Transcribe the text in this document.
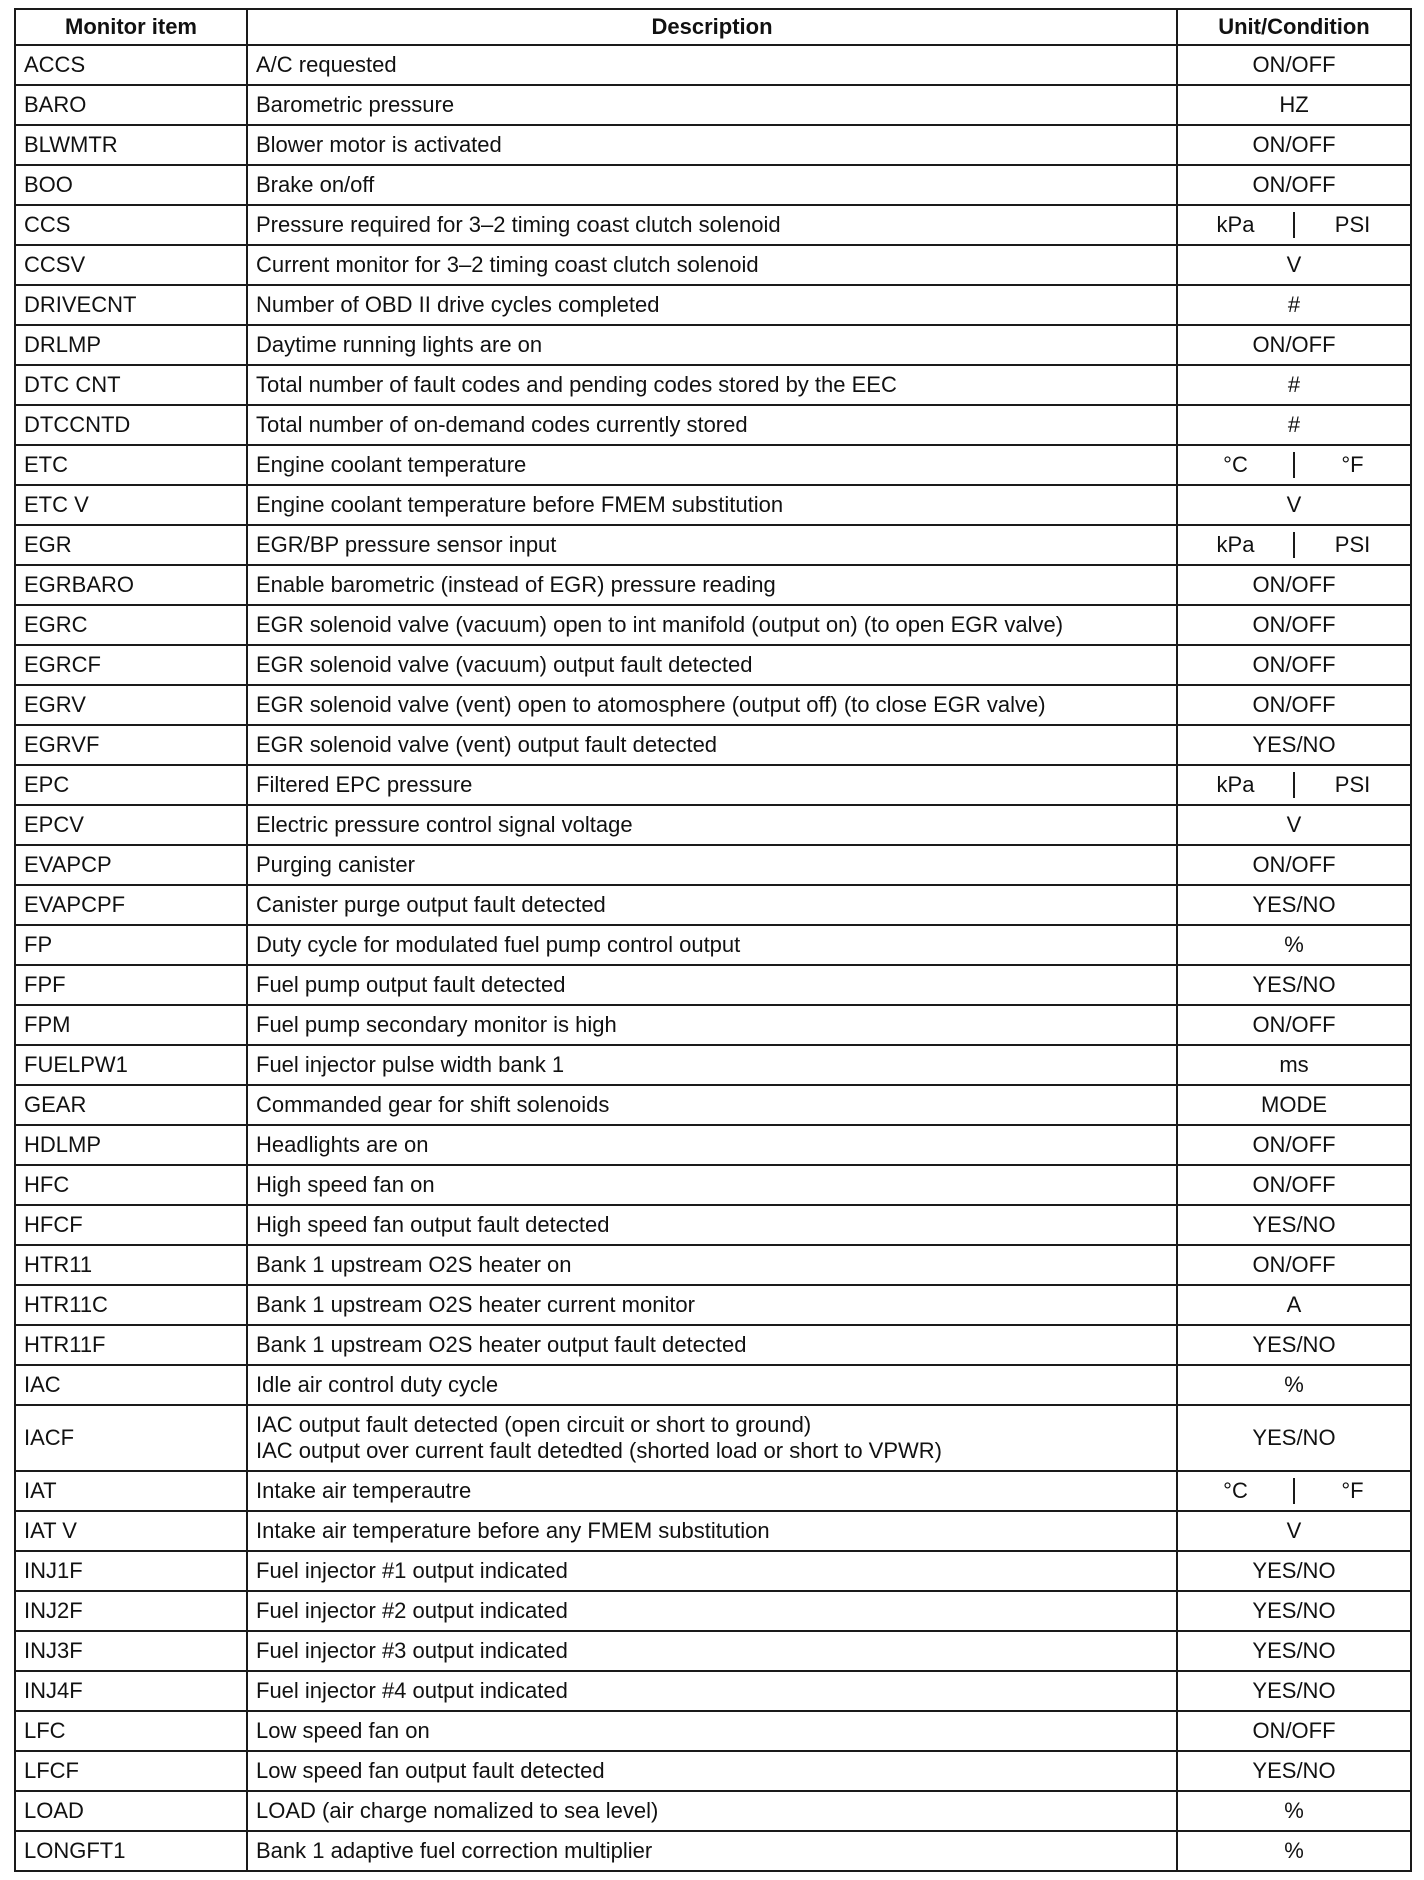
Monitor item	Description	Unit/Condition
ACCS	A/C requested	ON/OFF

BARO	Barometric pressure	HZ

BLWMTR	Blower motor is activated	ON/OFF

BOO	Brake on/off	ON/OFF

CCS	Pressure required for 3–2 timing coast clutch solenoid	kPa PSI

CCSV	Current monitor for 3–2 timing coast clutch solenoid	V

DRIVECNT	Number of OBD II drive cycles completed	#

DRLMP	Daytime running lights are on	ON/OFF

DTC CNT	Total number of fault codes and pending codes stored by the EEC	#

DTCCNTD	Total number of on-demand codes currently stored	#

ETC	Engine coolant temperature	°C °F

ETC V	Engine coolant temperature before FMEM substitution	V

EGR	EGR/BP pressure sensor input	kPa PSI

EGRBARO	Enable barometric (instead of EGR) pressure reading	ON/OFF

EGRC	EGR solenoid valve (vacuum) open to int manifold (output on) (to open EGR valve)	ON/OFF

EGRCF	EGR solenoid valve (vacuum) output fault detected	ON/OFF

EGRV	EGR solenoid valve (vent) open to atomosphere (output off) (to close EGR valve)	ON/OFF

EGRVF	EGR solenoid valve (vent) output fault detected	YES/NO

EPC	Filtered EPC pressure	kPa PSI

EPCV	Electric pressure control signal voltage	V

EVAPCP	Purging canister	ON/OFF

EVAPCPF	Canister purge output fault detected	YES/NO

FP	Duty cycle for modulated fuel pump control output	%

FPF	Fuel pump output fault detected	YES/NO

FPM	Fuel pump secondary monitor is high	ON/OFF

FUELPW1	Fuel injector pulse width bank 1	ms

GEAR	Commanded gear for shift solenoids	MODE

HDLMP	Headlights are on	ON/OFF

HFC	High speed fan on	ON/OFF

HFCF	High speed fan output fault detected	YES/NO

HTR11	Bank 1 upstream O2S heater on	ON/OFF

HTR11C	Bank 1 upstream O2S heater current monitor	A

HTR11F	Bank 1 upstream O2S heater output fault detected	YES/NO

IAC	Idle air control duty cycle	%

IACF	IAC output fault detected (open circuit or short to ground)
IAC output over current fault detedted (shorted load or short to VPWR)	YES/NO

IAT	Intake air temperautre	°C °F

IAT V	Intake air temperature before any FMEM substitution	V

INJ1F	Fuel injector #1 output indicated	YES/NO

INJ2F	Fuel injector #2 output indicated	YES/NO

INJ3F	Fuel injector #3 output indicated	YES/NO

INJ4F	Fuel injector #4 output indicated	YES/NO

LFC	Low speed fan on	ON/OFF

LFCF	Low speed fan output fault detected	YES/NO

LOAD	LOAD (air charge nomalized to sea level)	%

LONGFT1	Bank 1 adaptive fuel correction multiplier	%
